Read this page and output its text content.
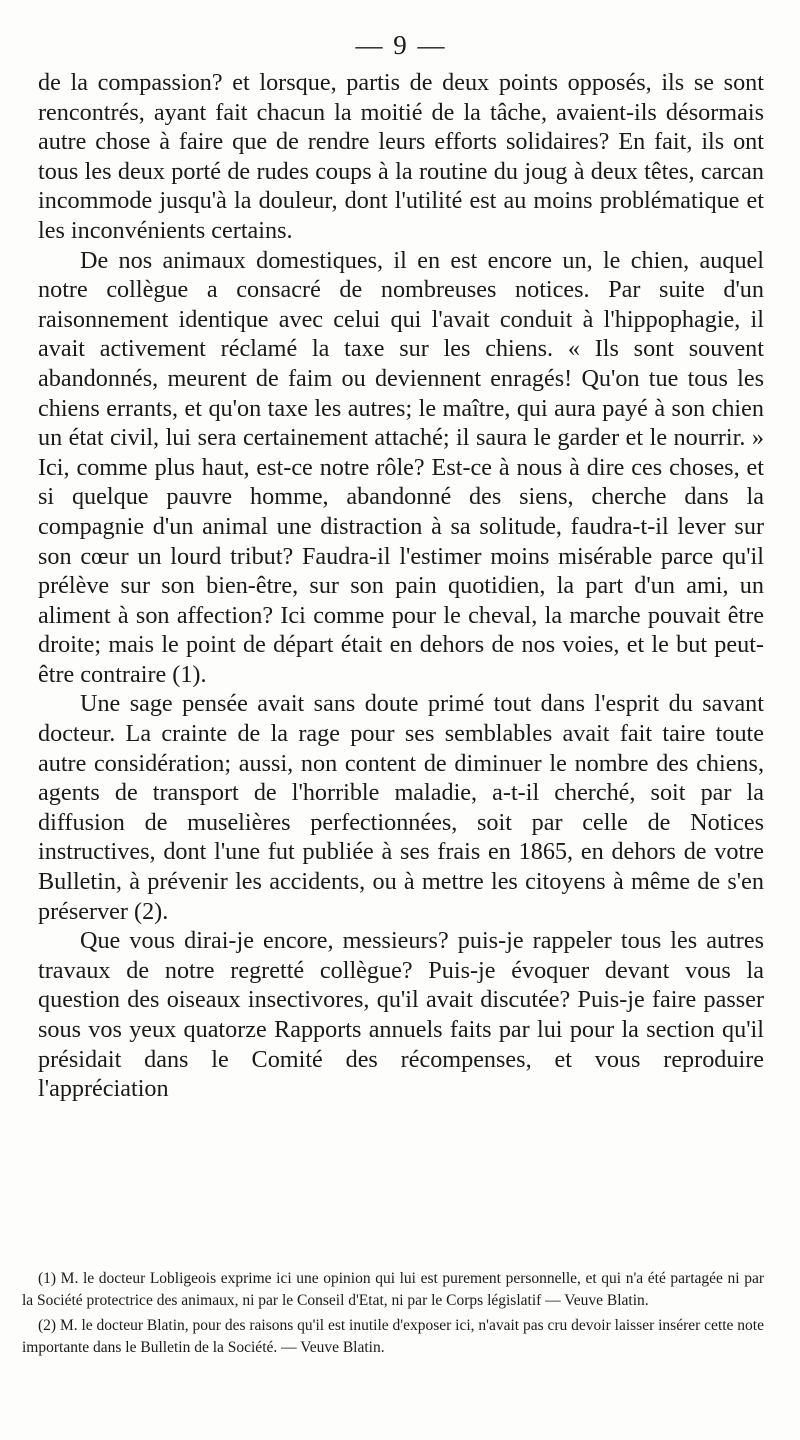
— 9 —

de la compassion? et lorsque, partis de deux points opposés, ils se sont rencontrés, ayant fait chacun la moitié de la tâche, avaient-ils désormais autre chose à faire que de rendre leurs efforts solidaires? En fait, ils ont tous les deux porté de rudes coups à la routine du joug à deux têtes, carcan incommode jusqu'à la douleur, dont l'utilité est au moins problématique et les inconvénients certains.

De nos animaux domestiques, il en est encore un, le chien, auquel notre collègue a consacré de nombreuses notices. Par suite d'un raisonnement identique avec celui qui l'avait conduit à l'hippophagie, il avait activement réclamé la taxe sur les chiens. « Ils sont souvent abandonnés, meurent de faim ou deviennent enragés! Qu'on tue tous les chiens errants, et qu'on taxe les autres; le maître, qui aura payé à son chien un état civil, lui sera certainement attaché; il saura le garder et le nourrir. » Ici, comme plus haut, est-ce notre rôle? Est-ce à nous à dire ces choses, et si quelque pauvre homme, abandonné des siens, cherche dans la compagnie d'un animal une distraction à sa solitude, faudra-t-il lever sur son cœur un lourd tribut? Faudra-il l'estimer moins misérable parce qu'il prélève sur son bien-être, sur son pain quotidien, la part d'un ami, un aliment à son affection? Ici comme pour le cheval, la marche pouvait être droite; mais le point de départ était en dehors de nos voies, et le but peut-être contraire (1).

Une sage pensée avait sans doute primé tout dans l'esprit du savant docteur. La crainte de la rage pour ses semblables avait fait taire toute autre considération; aussi, non content de diminuer le nombre des chiens, agents de transport de l'horrible maladie, a-t-il cherché, soit par la diffusion de muselières perfectionnées, soit par celle de Notices instructives, dont l'une fut publiée à ses frais en 1865, en dehors de votre Bulletin, à prévenir les accidents, ou à mettre les citoyens à même de s'en préserver (2).

Que vous dirai-je encore, messieurs? puis-je rappeler tous les autres travaux de notre regretté collègue? Puis-je évoquer devant vous la question des oiseaux insectivores, qu'il avait discutée? Puis-je faire passer sous vos yeux quatorze Rapports annuels faits par lui pour la section qu'il présidait dans le Comité des récompenses, et vous reproduire l'appréciation

(1) M. le docteur Lobligeois exprime ici une opinion qui lui est purement personnelle, et qui n'a été partagée ni par la Société protectrice des animaux, ni par le Conseil d'Etat, ni par le Corps législatif — Veuve Blatin.

(2) M. le docteur Blatin, pour des raisons qu'il est inutile d'exposer ici, n'avait pas cru devoir laisser insérer cette note importante dans le Bulletin de la Société. — Veuve Blatin.
